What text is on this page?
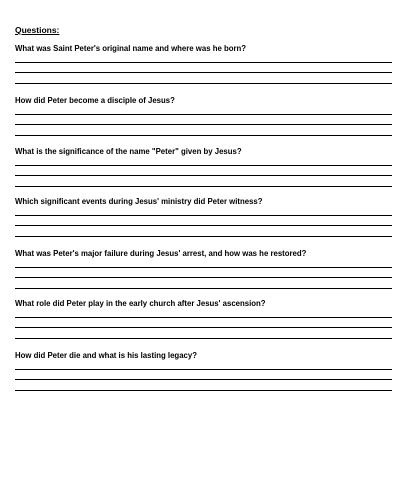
Questions:

What was Saint Peter's original name and where was he born?

How did Peter become a disciple of Jesus?

What is the significance of the name "Peter" given by Jesus?

Which significant events during Jesus' ministry did Peter witness?

What was Peter's major failure during Jesus' arrest, and how was he restored?

What role did Peter play in the early church after Jesus' ascension?

How did Peter die and what is his lasting legacy?
